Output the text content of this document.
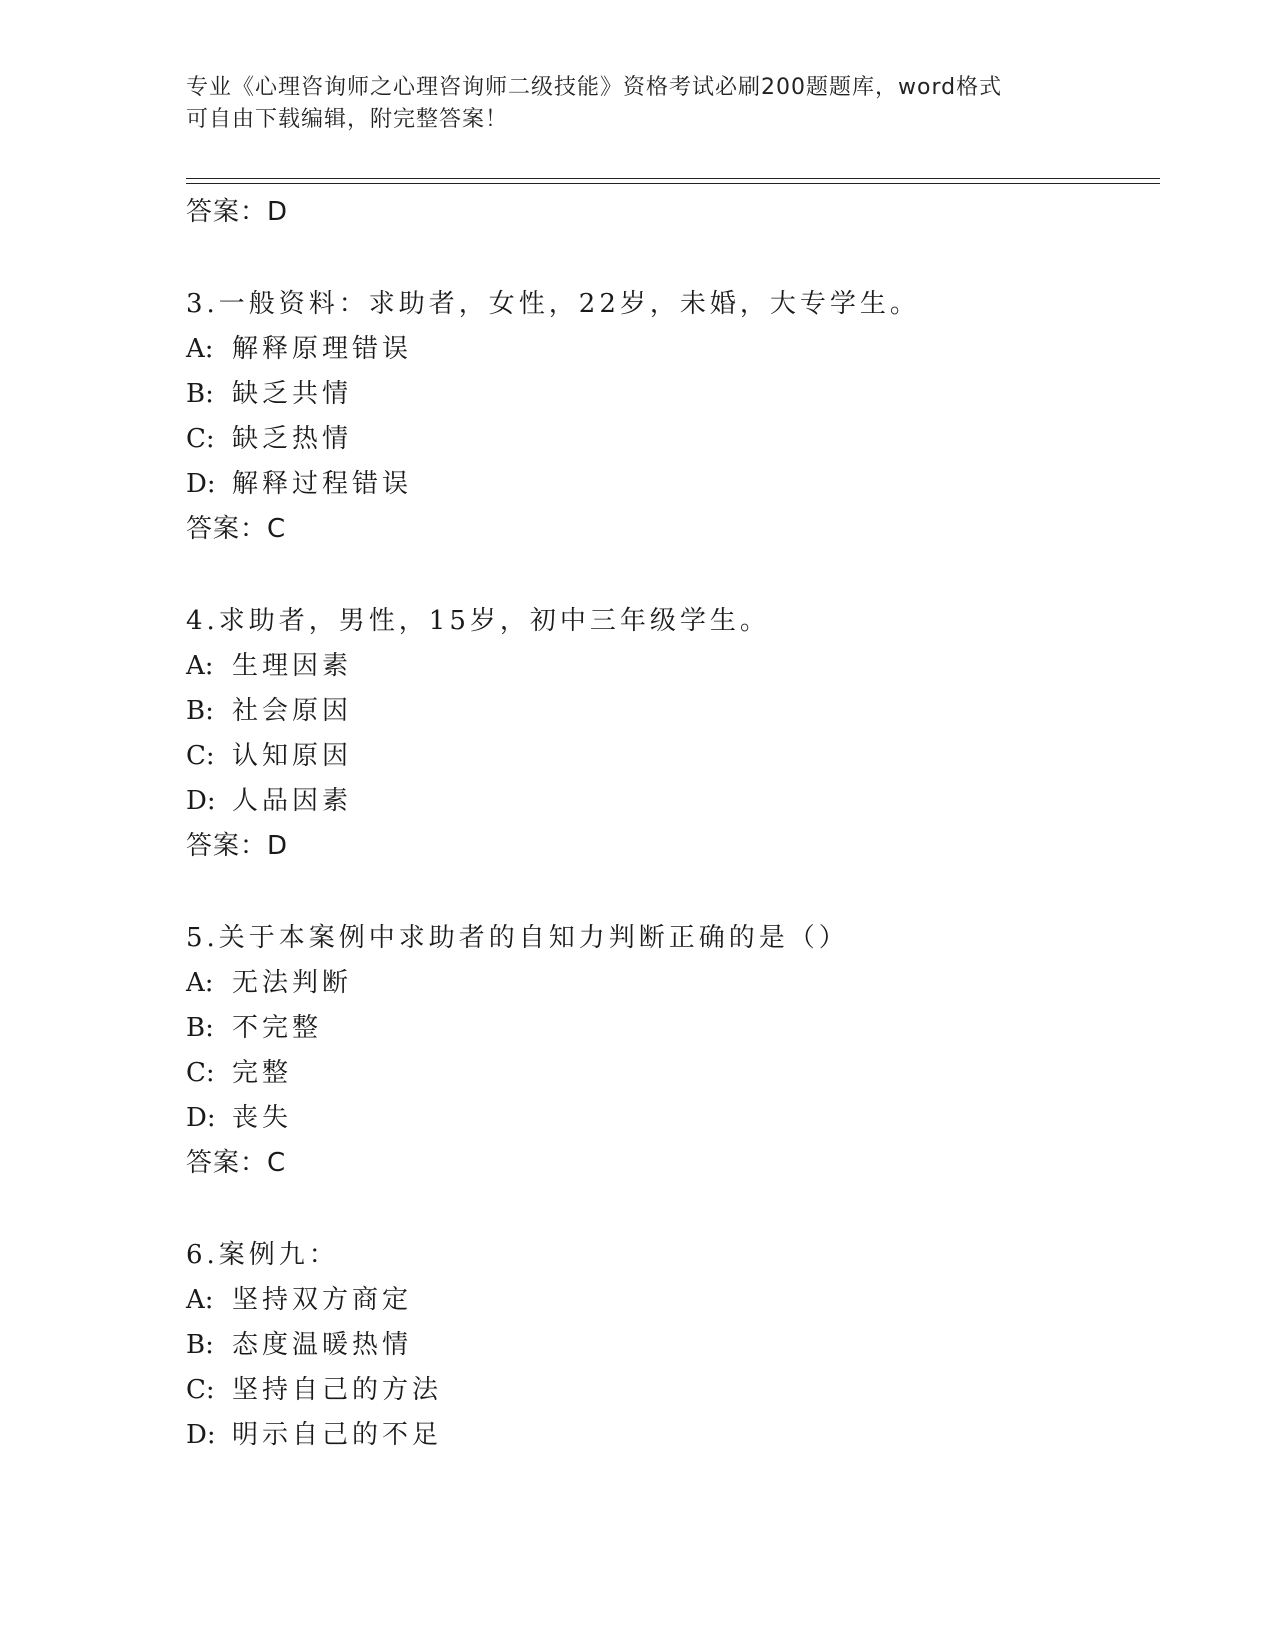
专业《心理咨询师之心理咨询师二级技能》资格考试必刷200题题库，word格式
可自由下载编辑，附完整答案！
答案：D
3.一般资料：求助者，女性，22岁，未婚，大专学生。
A: 解释原理错误
B: 缺乏共情
C: 缺乏热情
D: 解释过程错误
答案：C
4.求助者，男性，15岁，初中三年级学生。
A: 生理因素
B: 社会原因
C: 认知原因
D: 人品因素
答案：D
5.关于本案例中求助者的自知力判断正确的是（）
A: 无法判断
B: 不完整
C: 完整
D: 丧失
答案：C
6.案例九：
A: 坚持双方商定
B: 态度温暖热情
C: 坚持自己的方法
D: 明示自己的不足
